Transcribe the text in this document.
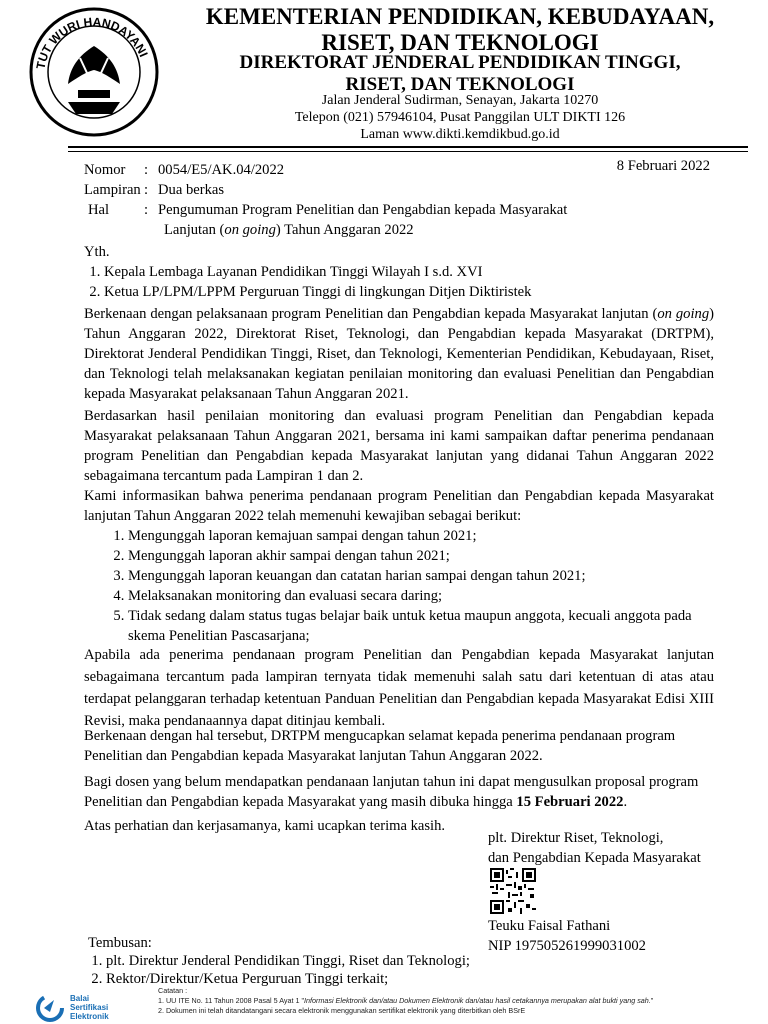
TUT WURI HANDAYANI
KEMENTERIAN PENDIDIKAN, KEBUDAYAAN,
RISET, DAN TEKNOLOGI
DIREKTORAT JENDERAL PENDIDIKAN TINGGI,
RISET, DAN TEKNOLOGI
Jalan Jenderal Sudirman, Senayan, Jakarta 10270
Telepon (021) 57946104, Pusat Panggilan ULT DIKTI 126
Laman www.dikti.kemdikbud.go.id
Nomor	: 0054/E5/AK.04/2022
Lampiran : Dua berkas
Hal	: Pengumuman Program Penelitian dan Pengabdian kepada Masyarakat
Lanjutan (on going) Tahun Anggaran 2022
8 Februari 2022
Yth.
1. Kepala Lembaga Layanan Pendidikan Tinggi Wilayah I s.d. XVI
2. Ketua LP/LPM/LPPM Perguruan Tinggi di lingkungan Ditjen Diktiristek

Berkenaan dengan pelaksanaan program Penelitian dan Pengabdian kepada Masyarakat lanjutan (on going) Tahun Anggaran 2022, Direktorat Riset, Teknologi, dan Pengabdian kepada Masyarakat (DRTPM), Direktorat Jenderal Pendidikan Tinggi, Riset, dan Teknologi, Kementerian Pendidikan, Kebudayaan, Riset, dan Teknologi telah melaksanakan kegiatan penilaian monitoring dan evaluasi Penelitian dan Pengabdian kepada Masyarakat pelaksanaan Tahun Anggaran 2021.

Berdasarkan hasil penilaian monitoring dan evaluasi program Penelitian dan Pengabdian kepada Masyarakat pelaksanaan Tahun Anggaran 2021, bersama ini kami sampaikan daftar penerima pendanaan program Penelitian dan Pengabdian kepada Masyarakat lanjutan yang didanai Tahun Anggaran 2022 sebagaimana tercantum pada Lampiran 1 dan 2.

Kami informasikan bahwa penerima pendanaan program Penelitian dan Pengabdian kepada Masyarakat lanjutan Tahun Anggaran 2022 telah memenuhi kewajiban sebagai berikut:

1. Mengunggah laporan kemajuan sampai dengan tahun 2021;
2. Mengunggah laporan akhir sampai dengan tahun 2021;
3. Mengunggah laporan keuangan dan catatan harian sampai dengan tahun 2021;
4. Melaksanakan monitoring dan evaluasi secara daring;
5. Tidak sedang dalam status tugas belajar baik untuk ketua maupun anggota, kecuali anggota pada skema Penelitian Pascasarjana;

Apabila ada penerima pendanaan program Penelitian dan Pengabdian kepada Masyarakat lanjutan sebagaimana tercantum pada lampiran ternyata tidak memenuhi salah satu dari ketentuan di atas atau terdapat pelanggaran terhadap ketentuan Panduan Penelitian dan Pengabdian kepada Masyarakat Edisi XIII Revisi, maka pendanaannya dapat ditinjau kembali.

Berkenaan dengan hal tersebut, DRTPM mengucapkan selamat kepada penerima pendanaan program Penelitian dan Pengabdian kepada Masyarakat lanjutan Tahun Anggaran 2022.

Bagi dosen yang belum mendapatkan pendanaan lanjutan tahun ini dapat mengusulkan proposal program Penelitian dan Pengabdian kepada Masyarakat yang masih dibuka hingga 15 Februari 2022.

Atas perhatian dan kerjasamanya, kami ucapkan terima kasih.

plt. Direktur Riset, Teknologi,
dan Pengabdian Kepada Masyarakat
Teuku Faisal Fathani
NIP 197505261999031002
Tembusan:
1. plt. Direktur Jenderal Pendidikan Tinggi, Riset dan Teknologi;
2. Rektor/Direktur/Ketua Perguruan Tinggi terkait;
Balai
Sertifikasi
Elektronik
Catatan :
1. UU ITE No. 11 Tahun 2008 Pasal 5 Ayat 1 "Informasi Elektronik dan/atau Dokumen Elektronik dan/atau hasil cetakannya merupakan alat bukti yang sah."
2. Dokumen ini telah ditandatangani secara elektronik menggunakan sertifikat elektronik yang diterbitkan oleh BSrE
